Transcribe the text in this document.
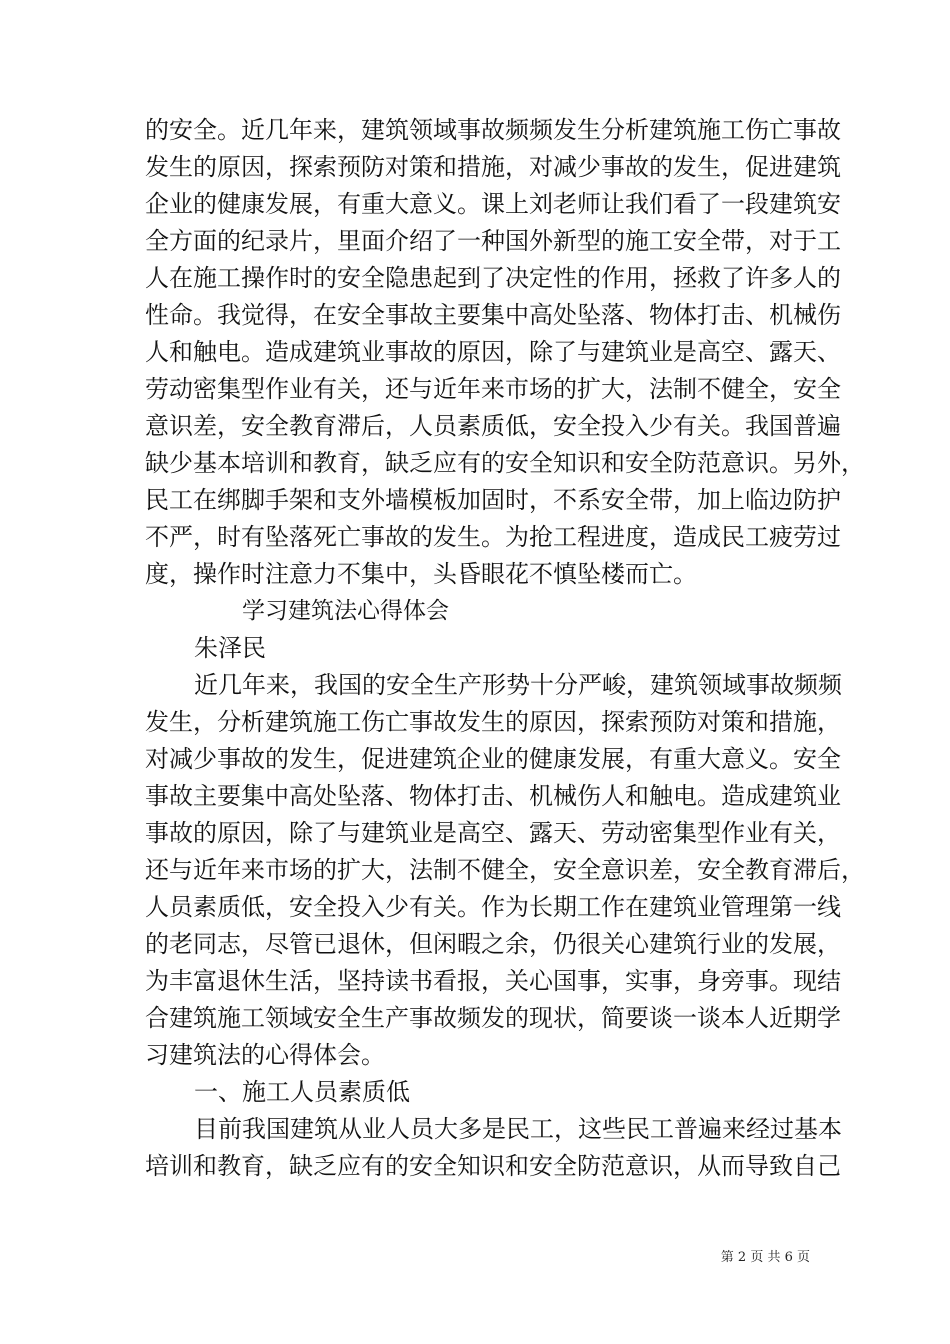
的安全。近几年来，建筑领域事故频频发生分析建筑施工伤亡事故
发生的原因，探索预防对策和措施，对减少事故的发生，促进建筑
企业的健康发展，有重大意义。课上刘老师让我们看了一段建筑安
全方面的纪录片，里面介绍了一种国外新型的施工安全带，对于工
人在施工操作时的安全隐患起到了决定性的作用，拯救了许多人的
性命。我觉得，在安全事故主要集中高处坠落、物体打击、机械伤
人和触电。造成建筑业事故的原因，除了与建筑业是高空、露天、
劳动密集型作业有关，还与近年来市场的扩大，法制不健全，安全
意识差，安全教育滞后，人员素质低，安全投入少有关。我国普遍
缺少基本培训和教育，缺乏应有的安全知识和安全防范意识。另外，
民工在绑脚手架和支外墙模板加固时，不系安全带，加上临边防护
不严，时有坠落死亡事故的发生。为抢工程进度，造成民工疲劳过
度，操作时注意力不集中，头昏眼花不慎坠楼而亡。
学习建筑法心得体会
朱泽民
近几年来，我国的安全生产形势十分严峻，建筑领域事故频频
发生，分析建筑施工伤亡事故发生的原因，探索预防对策和措施，
对减少事故的发生，促进建筑企业的健康发展，有重大意义。安全
事故主要集中高处坠落、物体打击、机械伤人和触电。造成建筑业
事故的原因，除了与建筑业是高空、露天、劳动密集型作业有关，
还与近年来市场的扩大，法制不健全，安全意识差，安全教育滞后，
人员素质低，安全投入少有关。作为长期工作在建筑业管理第一线
的老同志，尽管已退休，但闲暇之余，仍很关心建筑行业的发展，
为丰富退休生活，坚持读书看报，关心国事，实事，身旁事。现结
合建筑施工领域安全生产事故频发的现状，简要谈一谈本人近期学
习建筑法的心得体会。
一、施工人员素质低
目前我国建筑从业人员大多是民工，这些民工普遍来经过基本
培训和教育，缺乏应有的安全知识和安全防范意识，从而导致自己
第 2 页 共 6 页
